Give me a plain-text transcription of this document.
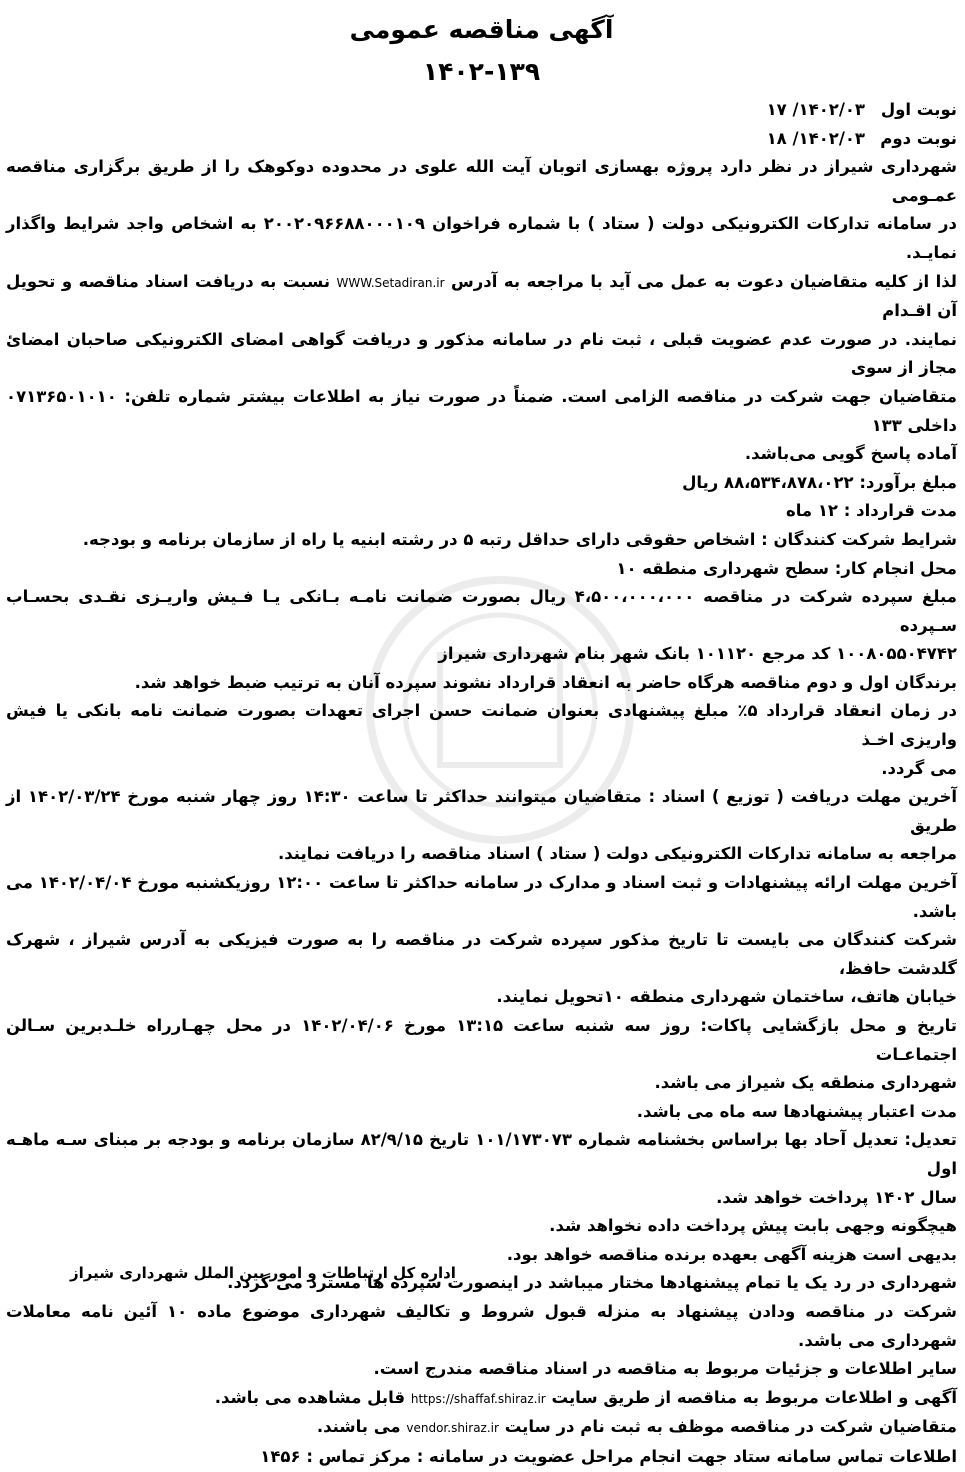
آگهی مناقصه عمومی
۱۴۰۲-۱۳۹
نوبت اول
۱۴۰۲/۰۳/ ۱۷
نوبت دوم
۱۴۰۲/۰۳/ ۱۸
شهرداری شیراز در نظر دارد پروژه بهسازی اتوبان آیت الله علوی در محدوده دوکوهک را از طریق برگزاری مناقصه عمـومی
در سامانه تدارکات الکترونیکی دولت ( ستاد ) با شماره فراخوان ۲۰۰۲۰۹۶۶۸۸۰۰۰۱۰۹ به اشخاص واجد شرایط واگذار نمایـد.
لذا از کلیه متقاضیان دعوت به عمل می آید با مراجعه به آدرس WWW.Setadiran.ir نسبت به دریافت اسناد مناقصه و تحویل آن اقـدام
نمایند. در صورت عدم عضویت قبلی ، ثبت نام در سامانه مذکور و دریافت گواهی امضای الکترونیکی صاحبان امضائ مجاز از سوی
متقاضیان جهت شرکت در مناقصه الزامی است. ضمناً در صورت نیاز به اطلاعات بیشتر شماره تلفن: ۰۷۱۳۶۵۰۱۰۱۰ داخلی ۱۳۳
آماده پاسخ گویی می‌باشد.
مبلغ برآورد: ۸۸،۵۳۴،۸۷۸،۰۲۲ ریال
مدت قرارداد : ۱۲ ماه
شرایط شرکت کنندگان : اشخاص حقوقی دارای حداقل رتبه ۵ در رشته ابنیه یا راه از سازمان برنامه و بودجه.
محل انجام کار: سطح شهرداری منطقه ۱۰
مبلغ سپرده شرکت در مناقصه ۴،۵۰۰،۰۰۰،۰۰۰ ریال بصورت ضمانت نامـه بـانکی یـا فـیش واریـزی نقـدی بحسـاب سـپرده
۱۰۰۸۰۵۵۰۴۷۴۲ کد مرجع ۱۰۱۱۲۰ بانک شهر بنام شهرداری شیراز
برندگان اول و دوم مناقصه هرگاه حاضر به انعقاد قرارداد نشوند سپرده آنان به ترتیب ضبط خواهد شد.
در زمان انعقاد قرارداد ۵٪ مبلغ پیشنهادی بعنوان ضمانت حسن اجرای تعهدات بصورت ضمانت نامه بانکی یا فیش واریزی اخـذ
می گردد.
آخرین مهلت دریافت ( توزیع ) اسناد : متقاضیان میتوانند حداکثر تا ساعت ۱۴:۳۰ روز چهار شنبه مورخ ۱۴۰۲/۰۳/۲۴ از طریق
مراجعه به سامانه تدارکات الکترونیکی دولت ( ستاد ) اسناد مناقصه را دریافت نمایند.
آخرین مهلت ارائه پیشنهادات و ثبت اسناد و مدارک در سامانه حداکثر تا ساعت ۱۲:۰۰ روزیکشنبه مورخ ۱۴۰۲/۰۴/۰۴ می باشد.
شرکت کنندگان می بایست تا تاریخ مذکور سپرده شرکت در مناقصه را به صورت فیزیکی به آدرس شیراز ، شهرک گلدشت حافظ،
خیابان هاتف، ساختمان شهرداری منطقه ۱۰تحویل نمایند.
تاریخ و محل بازگشایی پاکات: روز سه شنبه ساعت ۱۳:۱۵ مورخ ۱۴۰۲/۰۴/۰۶ در محل چهـارراه خلـدبرین سـالن اجتماعـات
شهرداری منطقه یک شیراز می باشد.
مدت اعتبار پیشنهادها سه ماه می باشد.
تعدیل: تعدیل آحاد بها براساس بخشنامه شماره ۱۰۱/۱۷۳۰۷۳ تاریخ ۸۲/۹/۱۵ سازمان برنامه و بودجه بر مبنای سـه ماهـه اول
سال ۱۴۰۲ پرداخت خواهد شد.
هیچگونه وجهی بابت پیش پرداخت داده نخواهد شد.
بدیهی است هزینه آگهی بعهده برنده مناقصه خواهد بود.
شهرداری در رد یک یا تمام پیشنهادها مختار میباشد در اینصورت سپرده ها مسترد می گردد.
شرکت در مناقصه ودادن پیشنهاد به منزله قبول شروط و تکالیف شهرداری موضوع ماده ۱۰ آئین نامه معاملات شهرداری می باشد.
سایر اطلاعات و جزئیات مربوط به مناقصه در اسناد مناقصه مندرج است.
آگهی و اطلاعات مربوط به مناقصه از طریق سایت https://shaffaf.shiraz.ir قابل مشاهده می باشد.
متقاضیان شرکت در مناقصه موظف به ثبت نام در سایت vendor.shiraz.ir می باشند.
اطلاعات تماس سامانه ستاد جهت انجام مراحل عضویت در سامانه : مرکز تماس : ۱۴۵۶
اداره کل ارتباطات و امور بین الملل شهرداری شیراز
